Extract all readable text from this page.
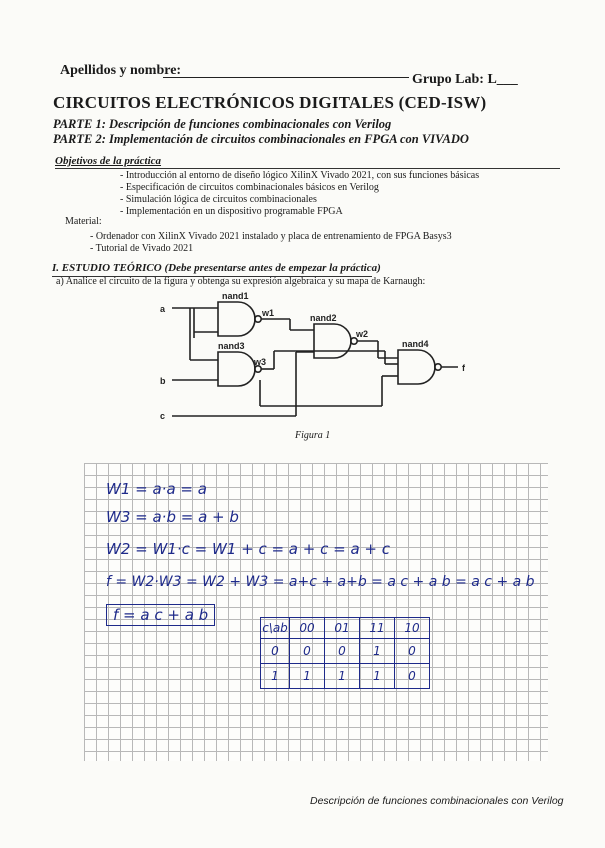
Apellidos y nombre:
Grupo Lab: L___
CIRCUITOS ELECTRÓNICOS DIGITALES (CED-ISW)
PARTE 1: Descripción de funciones combinacionales con Verilog
PARTE 2: Implementación de circuitos combinacionales en FPGA con VIVADO
Objetivos de la práctica
- Introducción al entorno de diseño lógico XilinX Vivado 2021, con sus funciones básicas
- Especificación de circuitos combinacionales básicos en Verilog
- Simulación lógica de circuitos combinacionales
- Implementación en un dispositivo programable FPGA
Material:
- Ordenador con XilinX Vivado 2021 instalado y placa de entrenamiento de FPGA Basys3
- Tutorial de Vivado 2021
I. ESTUDIO TEÓRICO (Debe presentarse antes de empezar la práctica)
a) Analice el circuito de la figura y obtenga su expresión algebraica y su mapa de Karnaugh:
a
b
c
f
nand1
nand2
nand3	nand4
w1
w2
w3
Figura 1
W1 = a·a = a
W3 = a·b = a + b
W2 = W1·c = W1 + c = a + c = a + c
f = W2·W3 = W2 + W3 = a+c + a+b = a c + a b = a c + a b
f = a c + a b
c\ab	00	01	11	10
0	0	0	1	0
1	1	1	1	0
Descripción de funciones combinacionales con Verilog
